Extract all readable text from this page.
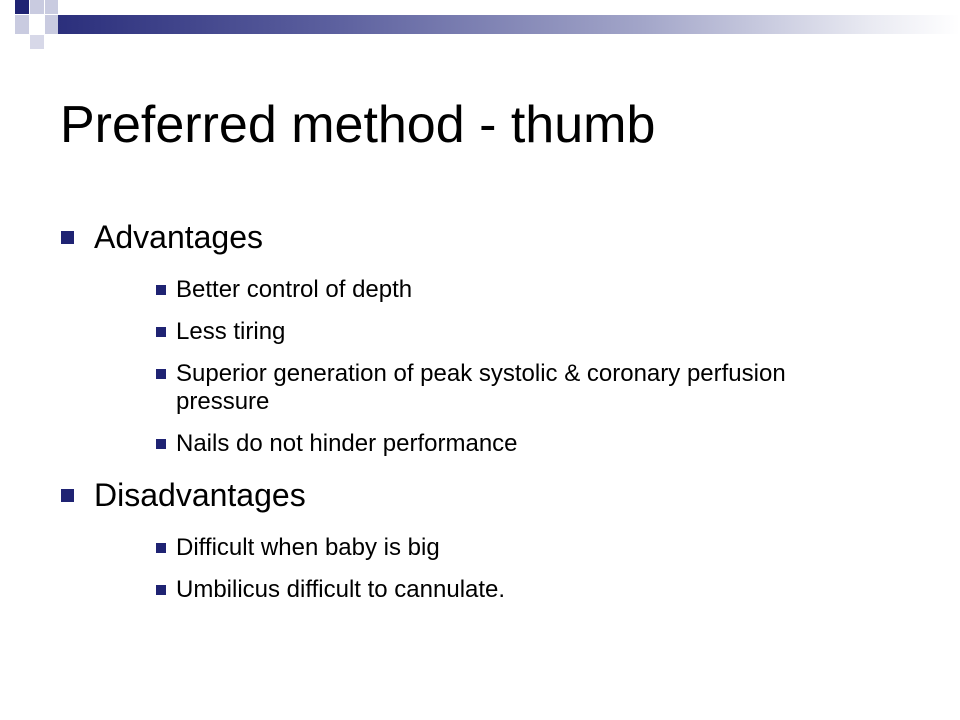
Preferred method - thumb
Advantages
Better control of depth
Less tiring
Superior generation of peak systolic & coronary perfusion pressure
Nails do not hinder performance
Disadvantages
Difficult when baby is big
Umbilicus difficult to cannulate.
